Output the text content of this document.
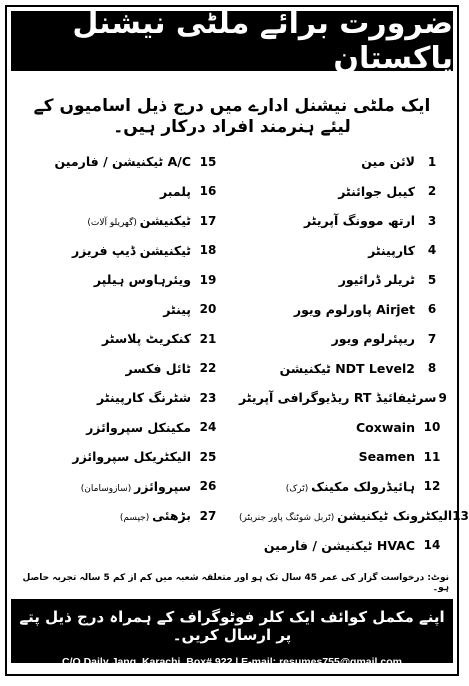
ضرورت برائے ملٹی نیشنل پاکستان
ایک ملٹی نیشنل ادارے میں درج ذیل اسامیوں کے لیئے ہنرمند افراد درکار ہیں۔
لائن مین	1
کیبل جوائنٹر	2
ارتھ موونگ آپریٹر	3
کارپینٹر	4
ٹریلر ڈرائیور	5
Airjet پاورلوم ویور	6
ریپئرلوم ویور	7
NDT Level2 ٹیکنیشن	8
سرٹیفائیڈ RT ریڈیوگرافی آپریٹر 9
Coxwain 10
Seamen 11
ہائیڈرولک مکینک (ٹرک)	12
الیکٹرونک ٹیکنیشن (ٹربل شوٹنگ پاور جنریٹر)	13
HVAC ٹیکنیشن / فارمین 14
A/C ٹیکنیشن / فارمین 15
پلمبر 16
ٹیکنیشن (گھریلو آلات)	17
ٹیکنیشن ڈیپ فریزر 18
ویئرہاوس ہیلپر 19
پینٹر 20
کنکریٹ پلاسٹر 21
ٹائل فکسر 22
شٹرنگ کارپینٹر 23
مکینکل سپروائزر 24
الیکٹریکل سپروائزر 25
سپروائزر (سازوسامان)	26
بڑھئی (جپسم)	27
نوٹ: درخواست گزار کی عمر 45 سال تک ہو اور متعلقہ شعبہ میں کم از کم 5 سالہ تجربہ حاصل ہو۔
اپنے مکمل کوائف ایک کلر فوٹوگراف کے ہمراہ درج ذیل پتے پر ارسال کریں۔
C/O Daily Jang, Karachi, Box# 922 | E-mail: resumes755@gmail.com
